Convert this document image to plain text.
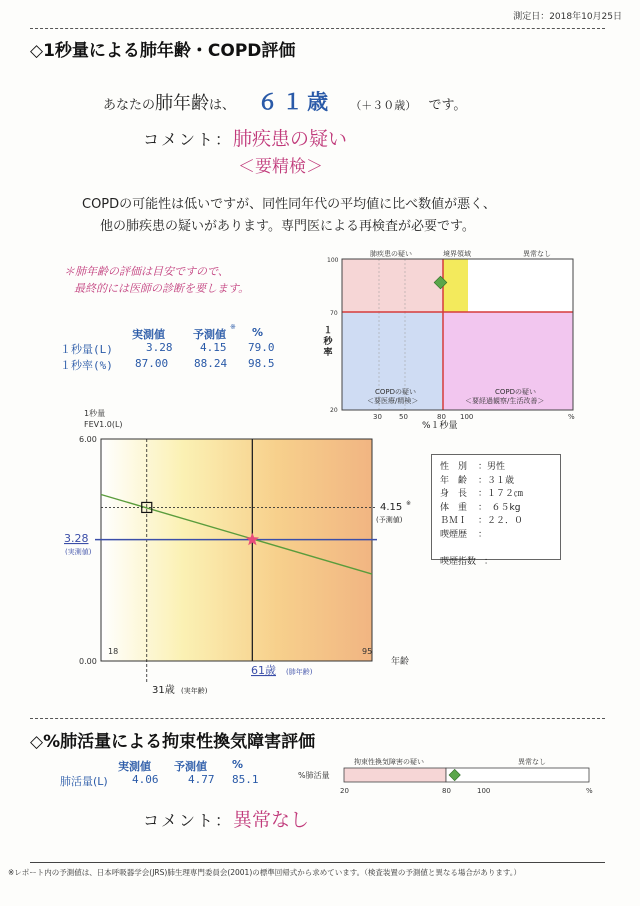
測定日：2018年10月25日
◇1秒量による肺年齢・COPD評価
あなたの肺年齢は、 ６１歳 （＋３０歳） です。
コメント：肺疾患の疑い
＜要精検＞
COPDの可能性は低いですが、同性同年代の平均値に比べ数値が悪く、
他の肺疾患の疑いがあります。専門医による再検査が必要です。
＊肺年齢の評価は目安ですので、
最終的には医師の診断を要します。
実測値	予測値
※ %
１秒量(L)	3.28	4.15 79.0
１秒率(%) 87.00 88.24 98.5
肺疾患の疑い	境界領域	異常なし
100
70
20
30 50	80 100	%
COPDの疑い
＜要医療/精検＞
COPDの疑い
＜要経過観察/生活改善＞
%１秒量
１
秒
率
1秒量
FEV1.0(L)
6.00
0.00
18	95
年齢
3.28
(実測値)
4.15 ※
(予測値)
61歳 (肺年齢)
31歳 (実年齢)
性　別 ：男性
年　齢 ：３１歳
身　長 ：１７２㎝
体　重 ：　６５kg
ＢＭＩ ：２２．０
喫煙歴 ：
喫煙指数 ：
◇%肺活量による拘束性換気障害評価
実測値 予測値 %
肺活量(L) 4.06	4.77 85.1	%肺活量
拘束性換気障害の疑い	異常なし
20	80	100	%
コメント：異常なし
※レポート内の予測値は、日本呼吸器学会(JRS)肺生理専門委員会(2001)の標準回帰式から求めています。（検査装置の予測値と異なる場合があります。）
